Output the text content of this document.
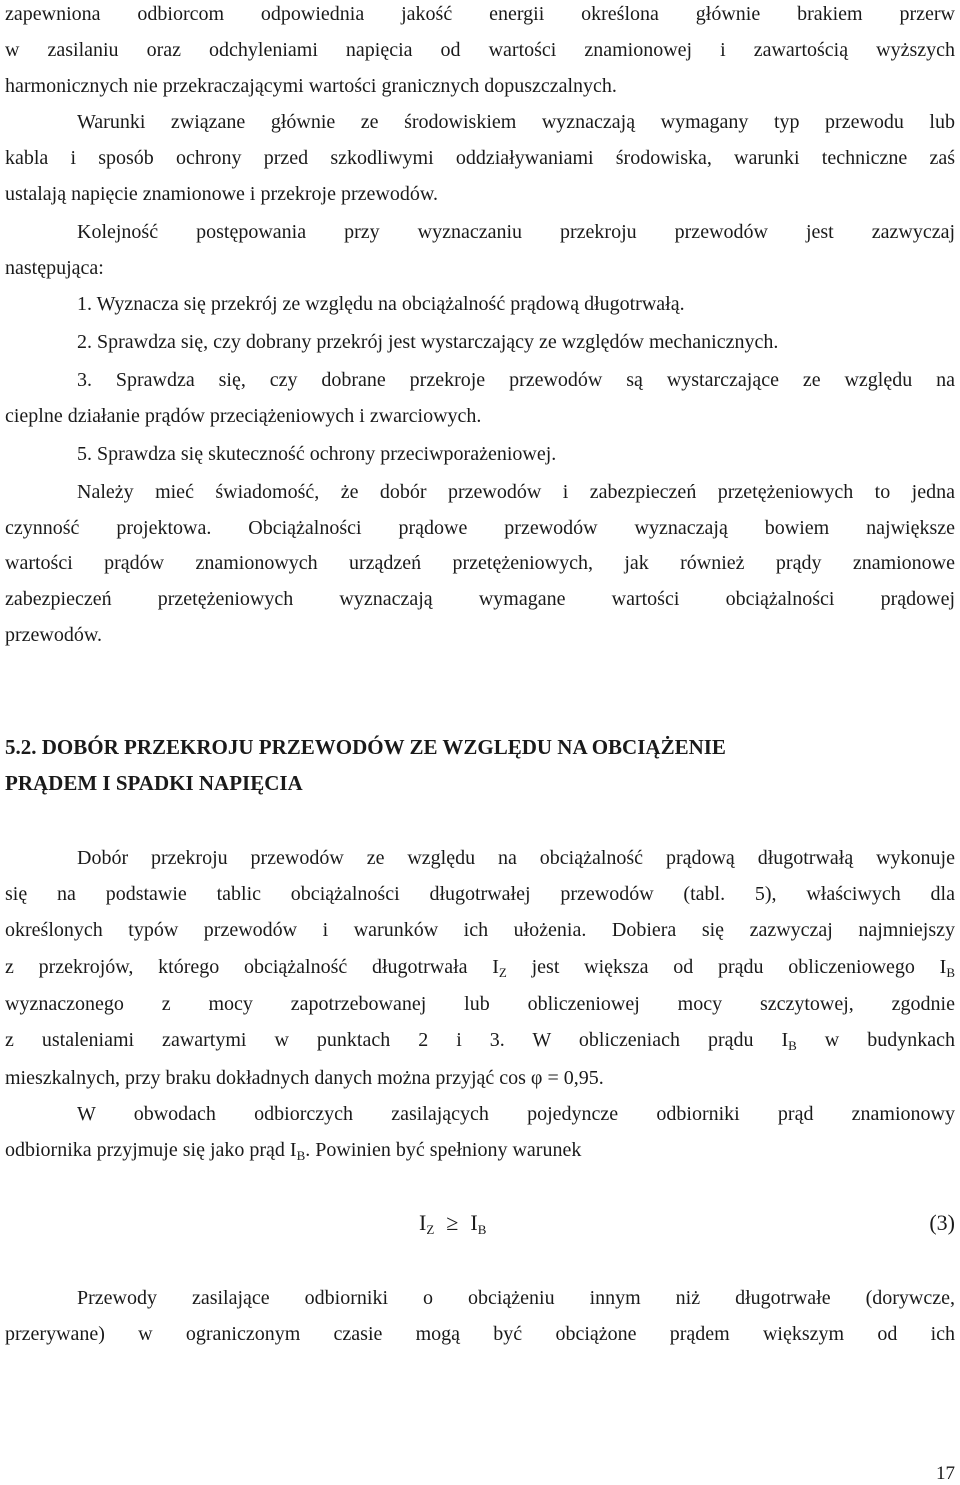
zapewniona odbiorcom odpowiednia jakość energii określona głównie brakiem przerw

w zasilaniu oraz odchyleniami napięcia od wartości znamionowej i zawartością wyższych

harmonicznych nie przekraczającymi wartości granicznych dopuszczalnych.

Warunki związane głównie ze środowiskiem wyznaczają wymagany typ przewodu lub

kabla i sposób ochrony przed szkodliwymi oddziaływaniami środowiska, warunki techniczne zaś

ustalają napięcie znamionowe i przekroje przewodów.

Kolejność postępowania przy wyznaczaniu przekroju przewodów jest zazwyczaj

następująca:

1. Wyznacza się przekrój ze względu na obciążalność prądową długotrwałą.

2. Sprawdza się, czy dobrany przekrój jest wystarczający ze względów mechanicznych.

3. Sprawdza się, czy dobrane przekroje przewodów są wystarczające ze względu na

cieplne działanie prądów przeciążeniowych i zwarciowych.

5. Sprawdza się skuteczność ochrony przeciwporażeniowej.

Należy mieć świadomość, że dobór przewodów i zabezpieczeń przetężeniowych to jedna

czynność projektowa. Obciążalności prądowe przewodów wyznaczają bowiem największe

wartości prądów znamionowych urządzeń przetężeniowych, jak również prądy znamionowe

zabezpieczeń przetężeniowych wyznaczają wymagane wartości obciążalności prądowej

przewodów.

5.2. DOBÓR PRZEKROJU PRZEWODÓW ZE WZGLĘDU NA OBCIĄŻENIE
PRĄDEM I SPADKI NAPIĘCIA

Dobór przekroju przewodów ze względu na obciążalność prądową długotrwałą wykonuje

się na podstawie tablic obciążalności długotrwałej przewodów (tabl. 5), właściwych dla

określonych typów przewodów i warunków ich ułożenia. Dobiera się zazwyczaj najmniejszy

z przekrojów, którego obciążalność długotrwała $I_Z$ jest większa od prądu obliczeniowego $I_B$

wyznaczonego z mocy zapotrzebowanej lub obliczeniowej mocy szczytowej, zgodnie

z ustaleniami zawartymi w punktach 2 i 3. W obliczeniach prądu $I_B$ w budynkach

mieszkalnych, przy braku dokładnych danych można przyjąć cos φ = 0,95.

W obwodach odbiorczych zasilających pojedyncze odbiorniki prąd znamionowy

odbiornika przyjmuje się jako prąd $I_B$. Powinien być spełniony warunek

$I_Z \ge I_B$	(3)

Przewody zasilające odbiorniki o obciążeniu innym niż długotrwałe (dorywcze,

przerywane) w ograniczonym czasie mogą być obciążone prądem większym od ich

17
